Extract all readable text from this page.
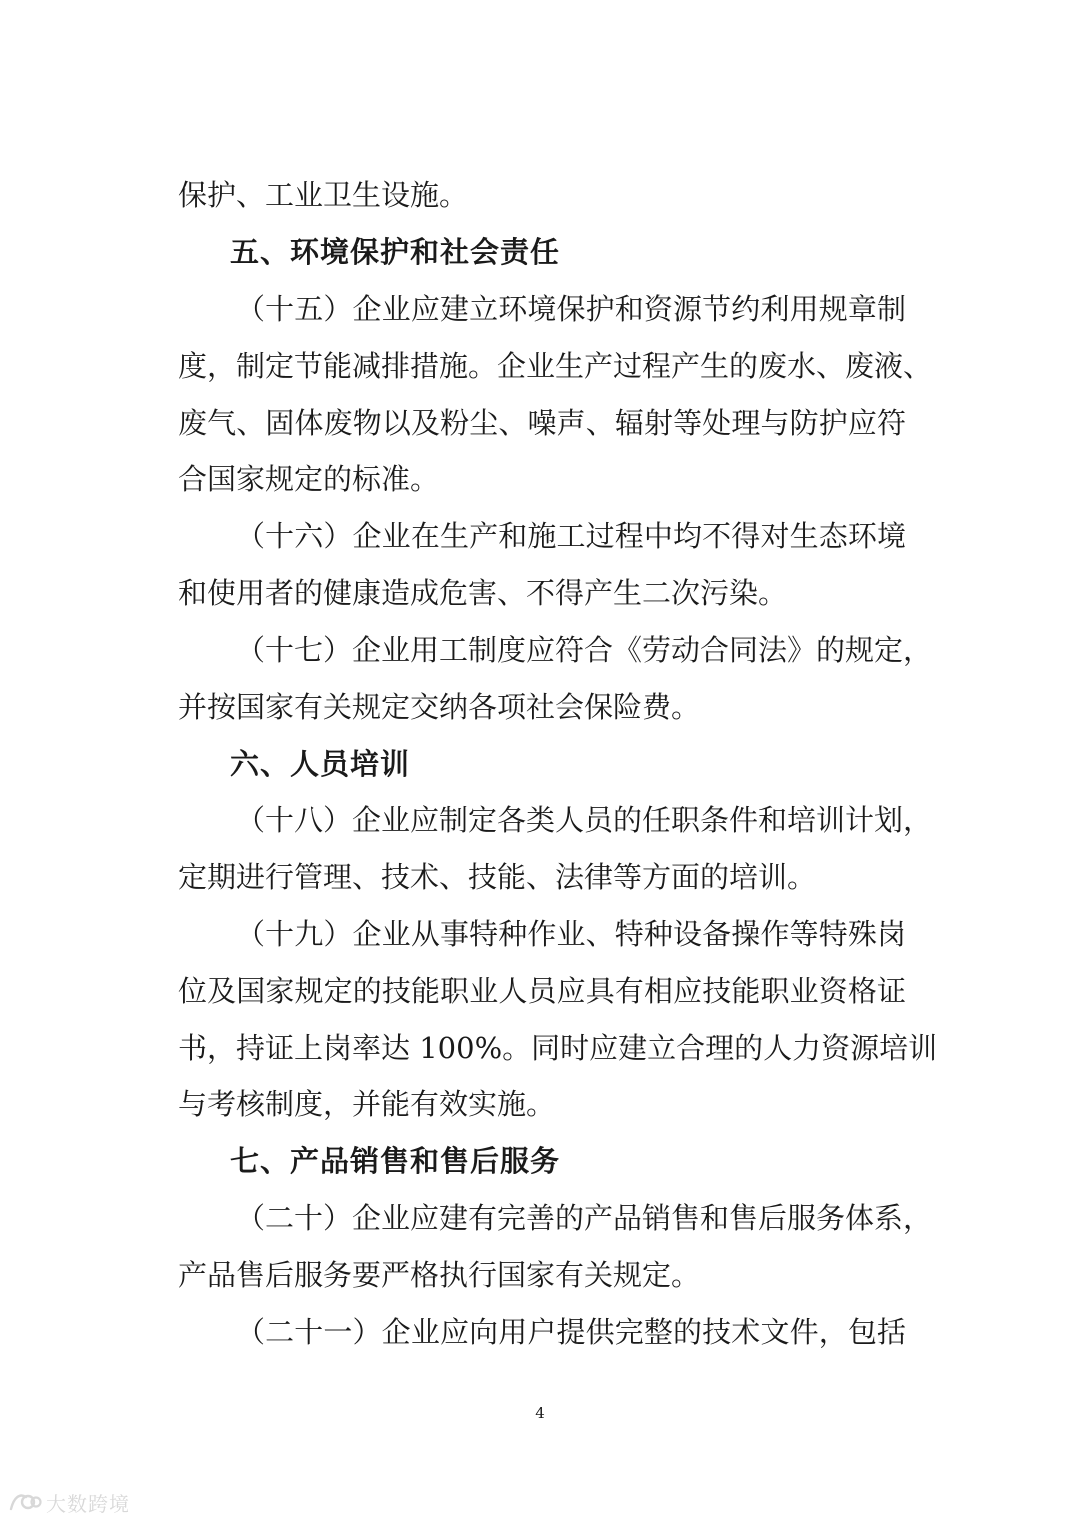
保护、工业卫生设施。
五、环境保护和社会责任
（十五）企业应建立环境保护和资源节约利用规章制
度，制定节能减排措施。企业生产过程产生的废水、废液、
废气、固体废物以及粉尘、噪声、辐射等处理与防护应符
合国家规定的标准。
（十六）企业在生产和施工过程中均不得对生态环境
和使用者的健康造成危害、不得产生二次污染。
（十七）企业用工制度应符合《劳动合同法》的规定，
并按国家有关规定交纳各项社会保险费。
六、人员培训
（十八）企业应制定各类人员的任职条件和培训计划，
定期进行管理、技术、技能、法律等方面的培训。
（十九）企业从事特种作业、特种设备操作等特殊岗
位及国家规定的技能职业人员应具有相应技能职业资格证
书，持证上岗率达 100%。同时应建立合理的人力资源培训
与考核制度，并能有效实施。
七、产品销售和售后服务
（二十）企业应建有完善的产品销售和售后服务体系，
产品售后服务要严格执行国家有关规定。
（二十一）企业应向用户提供完整的技术文件，包括
4
大数跨境
